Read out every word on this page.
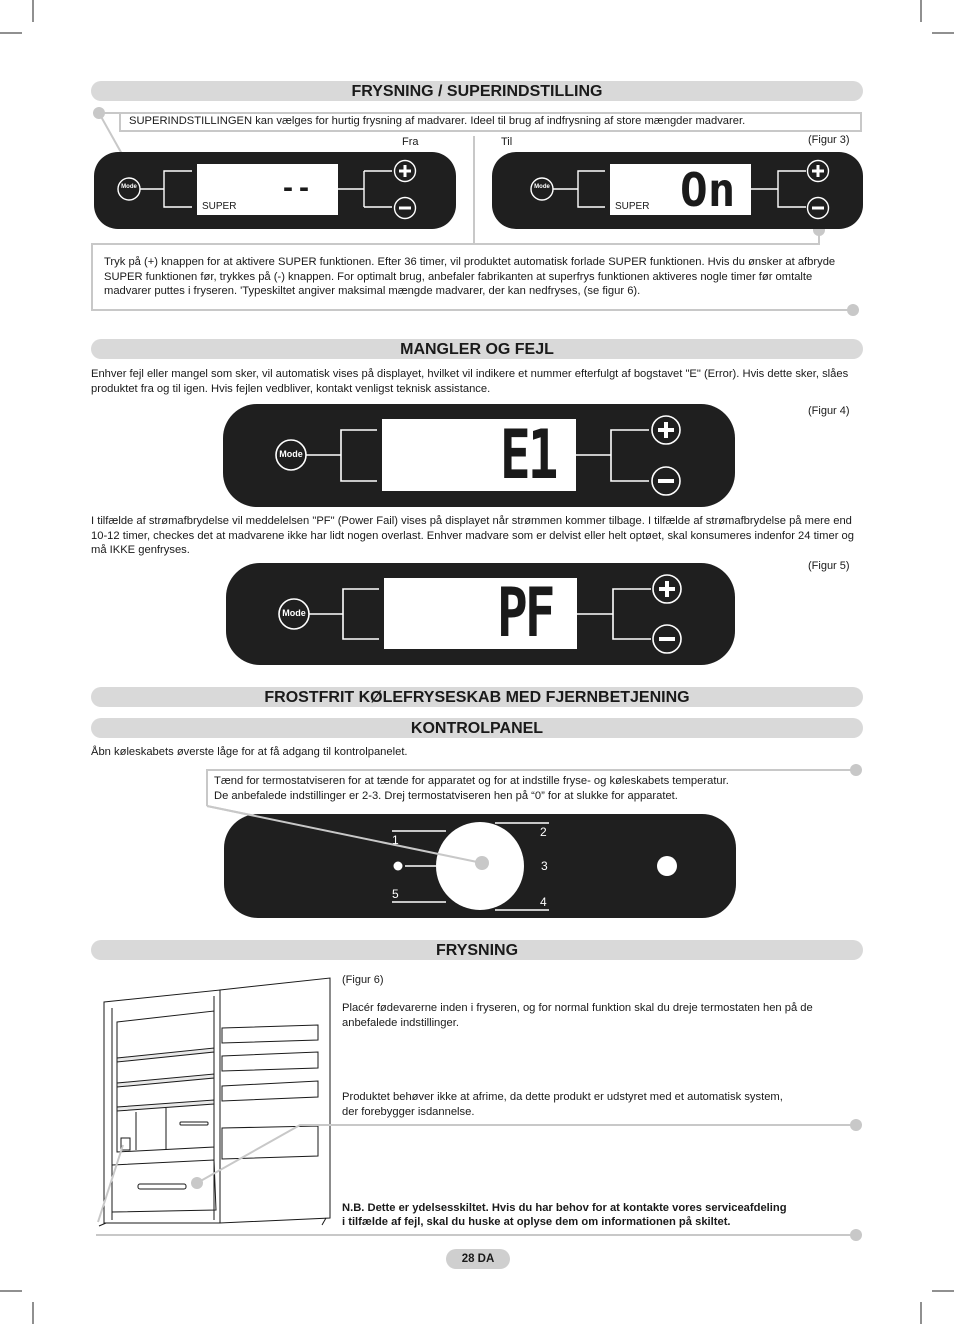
FRYSNING / SUPERINDSTILLING
SUPERINDSTILLINGEN kan vælges for hurtig frysning af madvarer. Ideel til brug af indfrysning af store mængder madvarer.
Fra	Til	(Figur 3)
Mode	--
SUPER
Mode	On
SUPER
Tryk på (+) knappen for at aktivere SUPER funktionen. Efter 36 timer, vil produktet automatisk forlade SUPER funktionen. Hvis du ønsker at afbryde SUPER funktionen før, trykkes på (-) knappen. For optimalt brug, anbefaler fabrikanten at superfrys funktionen aktiveres nogle timer før omtalte madvarer puttes i fryseren. 'Typeskiltet angiver maksimal mængde madvarer, der kan nedfryses, (se figur 6).
MANGLER OG FEJL
Enhver fejl eller mangel som sker, vil automatisk vises på displayet, hvilket vil indikere et nummer efterfulgt af bogstavet "E" (Error). Hvis dette sker, slåes produktet fra og til igen. Hvis fejlen vedbliver, kontakt venligst teknisk assistance.
(Figur 4)
Mode	E1
I tilfælde af strømafbrydelse vil meddelelsen "PF" (Power Fail) vises på displayet når strømmen kommer tilbage. I tilfælde af strømafbrydelse på mere end 10-12 timer, checkes det at madvarene ikke har lidt nogen overlast. Enhver madvare som er delvist eller helt optøet, skal konsumeres indenfor 24 timer og må IKKE genfryses.
(Figur 5)
Mode	PF
FROSTFRIT KØLEFRYSESKAB MED FJERNBETJENING
KONTROLPANEL
Åbn køleskabets øverste låge for at få adgang til kontrolpanelet.
Tænd for termostatviseren for at tænde for apparatet og for at indstille fryse- og køleskabets temperatur.
De anbefalede indstillinger er 2-3. Drej termostatviseren hen på “0” for at slukke for apparatet.
1
2
3
4
5
FRYSNING
(Figur 6)
Placér fødevarerne inden i fryseren, og for normal funktion skal du dreje termostaten hen på de anbefalede indstillinger.
Produktet behøver ikke at afrime, da dette produkt er udstyret med et automatisk system,
der forebygger isdannelse.
N.B. Dette er ydelsesskiltet. Hvis du har behov for at kontakte vores serviceafdeling
i tilfælde af fejl, skal du huske at oplyse dem om informationen på skiltet.
28 DA
